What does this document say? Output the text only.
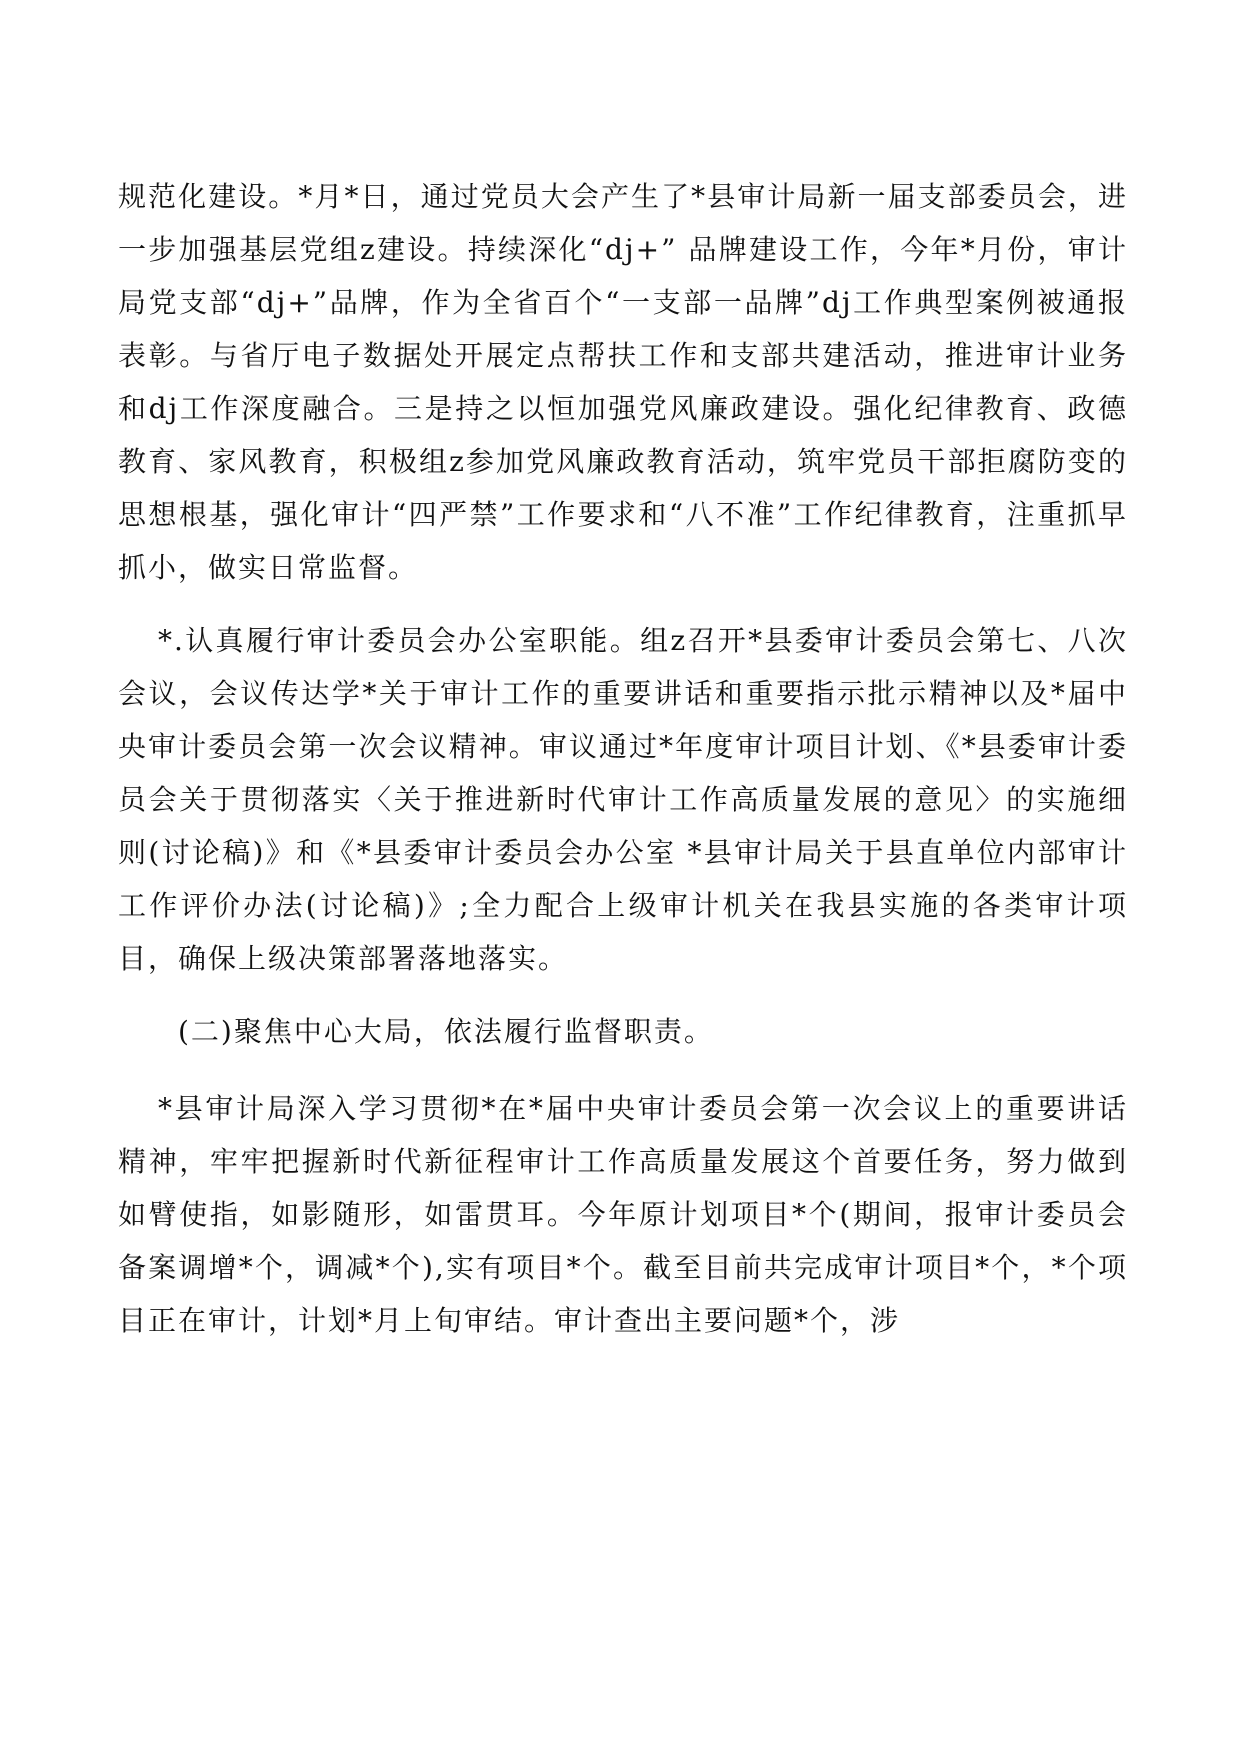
规范化建设。*月*日，通过党员大会产生了*县审计局新一届支部委员会，进一步加强基层党组z建设。持续深化“dj+” 品牌建设工作，今年*月份，审计局党支部“dj+”品牌，作为全省百个“一支部一品牌”dj工作典型案例被通报表彰。与省厅电子数据处开展定点帮扶工作和支部共建活动，推进审计业务和dj工作深度融合。三是持之以恒加强党风廉政建设。强化纪律教育、政德教育、家风教育，积极组z参加党风廉政教育活动，筑牢党员干部拒腐防变的思想根基，强化审计“四严禁”工作要求和“八不准”工作纪律教育，注重抓早抓小，做实日常监督。

*.认真履行审计委员会办公室职能。组z召开*县委审计委员会第七、八次会议，会议传达学*关于审计工作的重要讲话和重要指示批示精神以及*届中央审计委员会第一次会议精神。审议通过*年度审计项目计划、《*县委审计委员会关于贯彻落实〈关于推进新时代审计工作高质量发展的意见〉的实施细则(讨论稿)》和《*县委审计委员会办公室 *县审计局关于县直单位内部审计工作评价办法(讨论稿)》;全力配合上级审计机关在我县实施的各类审计项目，确保上级决策部署落地落实。

(二)聚焦中心大局，依法履行监督职责。

*县审计局深入学习贯彻*在*届中央审计委员会第一次会议上的重要讲话精神，牢牢把握新时代新征程审计工作高质量发展这个首要任务，努力做到如臂使指，如影随形，如雷贯耳。今年原计划项目*个(期间，报审计委员会备案调增*个，调减*个),实有项目*个。截至目前共完成审计项目*个，*个项目正在审计，计划*月上旬审结。审计查出主要问题*个，涉
